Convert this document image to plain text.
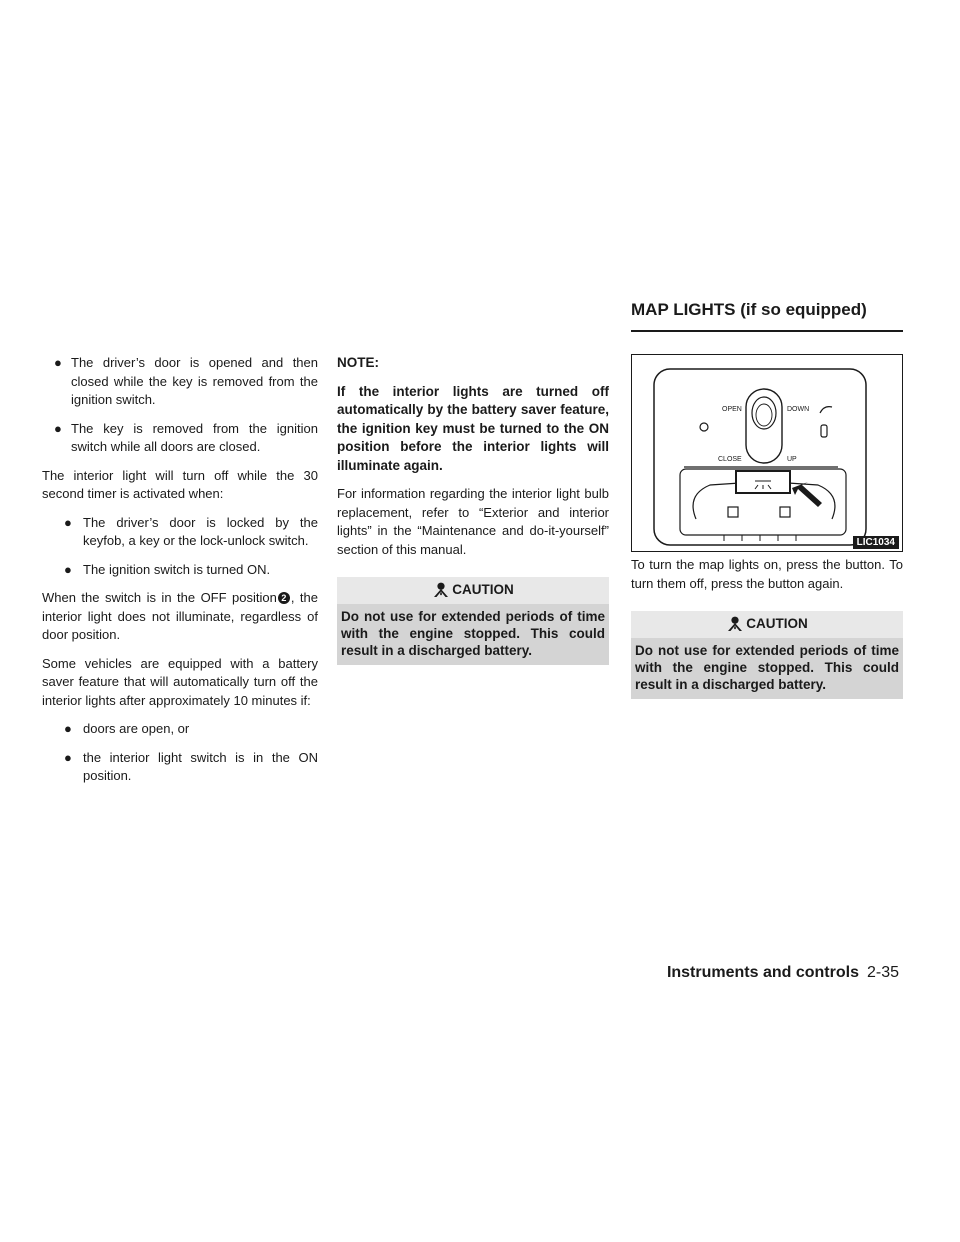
● The driver’s door is opened and then closed while the key is removed from the ignition switch.
● The key is removed from the ignition switch while all doors are closed.

The interior light will turn off while the 30 second timer is activated when:

● The driver’s door is locked by the keyfob, a key or the lock-unlock switch.
● The ignition switch is turned ON.

When the switch is in the OFF position 2 , the interior light does not illuminate, regardless of door position.

Some vehicles are equipped with a battery saver feature that will automatically turn off the interior lights after approximately 10 minutes if:

● doors are open, or
● the interior light switch is in the ON position.
NOTE:
If the interior lights are turned off automatically by the battery saver feature, the ignition key must be turned to the ON position before the interior lights will illuminate again.

For information regarding the interior light bulb replacement, refer to “Exterior and interior lights” in the “Maintenance and do-it-yourself” section of this manual.

CAUTION
Do not use for extended periods of time with the engine stopped. This could result in a discharged battery.
MAP LIGHTS (if so equipped)
OPEN	DOWN
CLOSE	UP
LIC1034

To turn the map lights on, press the button. To turn them off, press the button again.

CAUTION
Do not use for extended periods of time with the engine stopped. This could result in a discharged battery.
Instruments and controls 2-35
